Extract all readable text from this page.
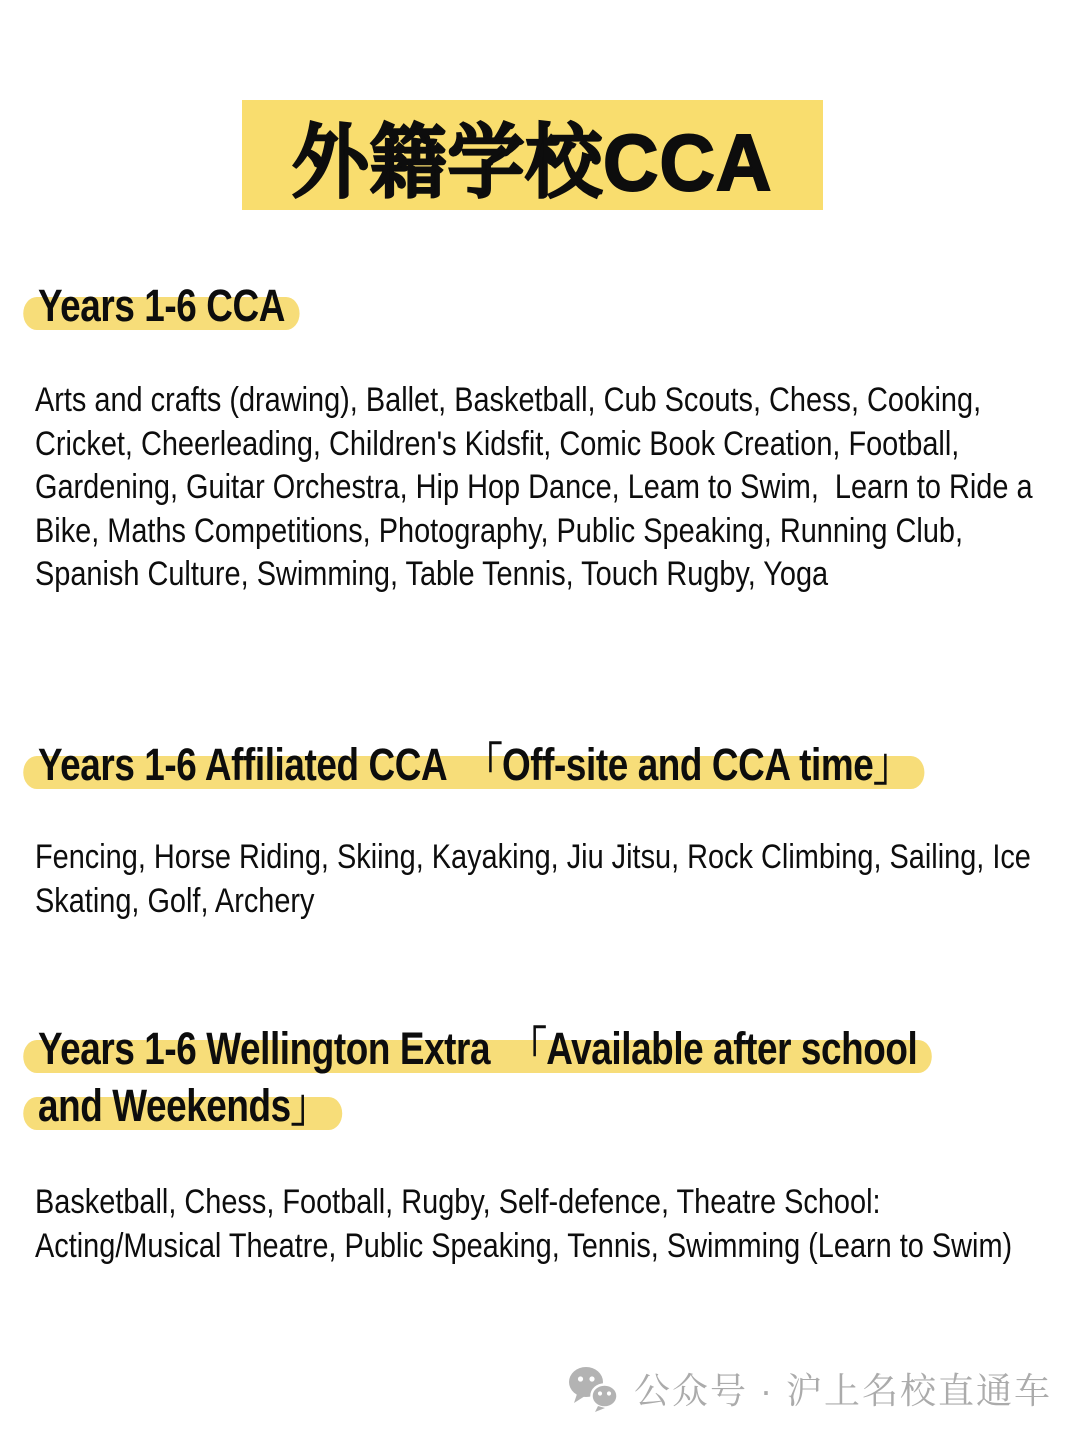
外籍学校CCA
Years 1-6 CCA

Arts and crafts (drawing), Ballet, Basketball, Cub Scouts, Chess, Cooking, Cricket, Cheerleading, Children's Kidsfit, Comic Book Creation, Football, Gardening, Guitar Orchestra, Hip Hop Dance, Leam to Swim,  Learn to Ride a Bike, Maths Competitions, Photography, Public Speaking, Running Club, Spanish Culture, Swimming, Table Tennis, Touch Rugby, Yoga

Years 1-6 Affiliated CCA  「Off-site and CCA time」

Fencing, Horse Riding, Skiing, Kayaking, Jiu Jitsu, Rock Climbing, Sailing, Ice Skating, Golf, Archery

Years 1-6 Wellington Extra  「Available after school
and Weekends」

Basketball, Chess, Football, Rugby, Self-defence, Theatre School: Acting/Musical Theatre, Public Speaking, Tennis, Swimming (Learn to Swim)

公众号 · 沪上名校直通车
